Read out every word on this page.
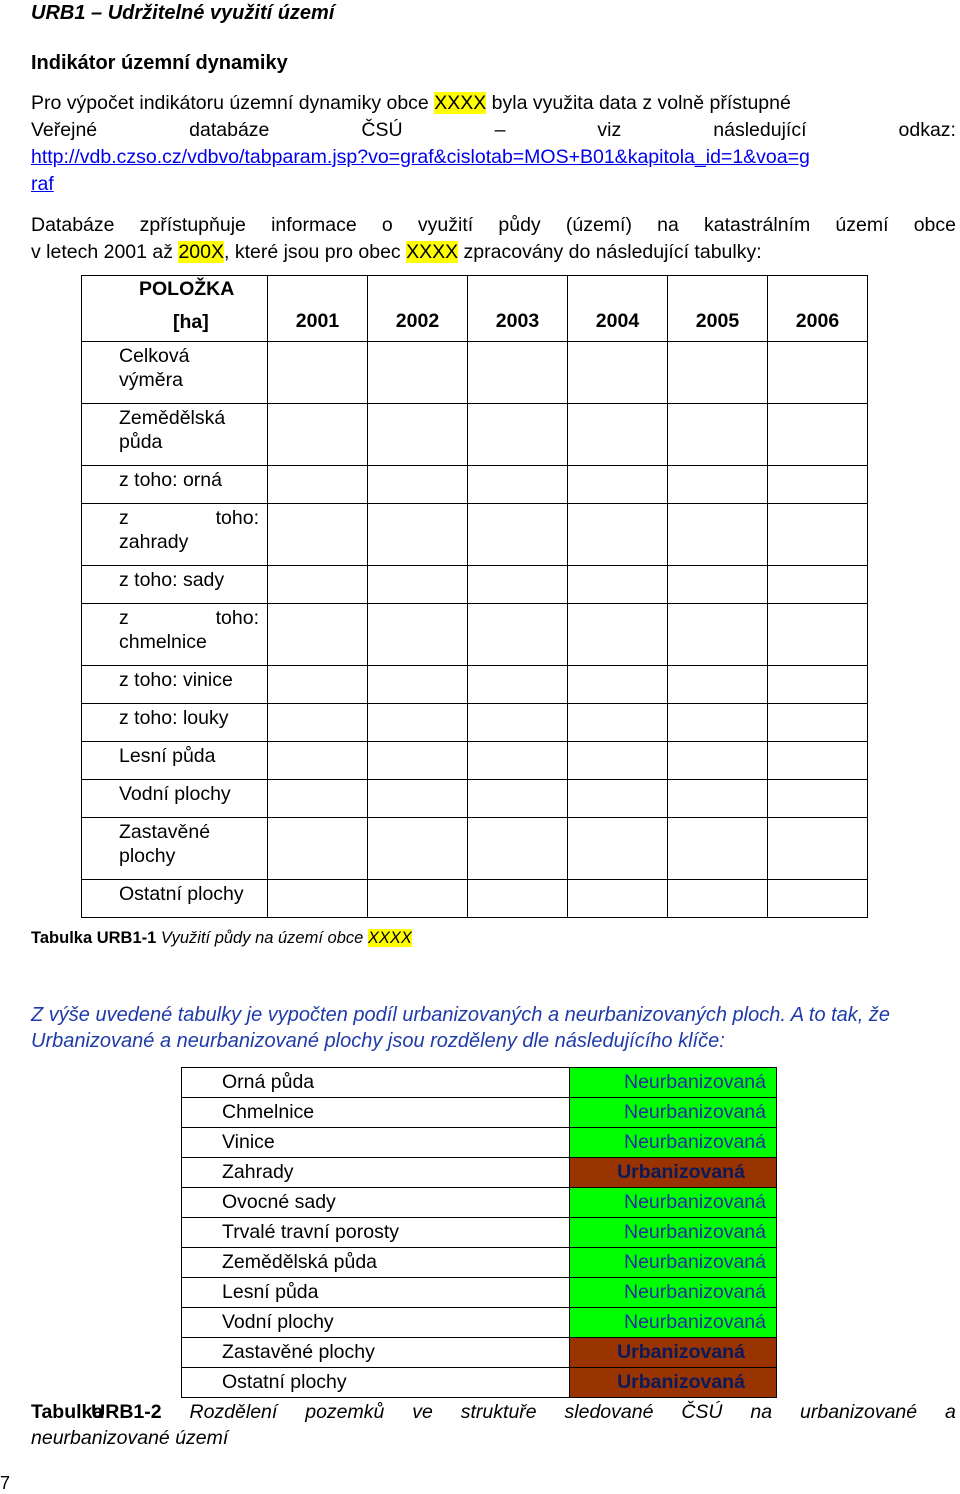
URB1 – Udržitelné využití území
Indikátor územní dynamiky
Pro výpočet indikátoru územní dynamiky obce XXXX byla využita data z volně přístupné
Veřejné	databáze	ČSÚ	–	viz	následující	odkaz:
http://vdb.czso.cz/vdbvo/tabparam.jsp?vo=graf&cislotab=MOS+B01&kapitola_id=1&voa=g
raf
Databáze zpřístupňuje informace o využití půdy (území) na katastrálním území obce
v letech 2001 až 200X, které jsou pro obec XXXX zpracovány do následující tabulky:
POLOŽKA
[ha]	2001	2002	2003	2004	2005	2006

Celková
výměra						

Zemědělská
půda						

z toho: orná						

z toho:
zahrady						

z toho: sady						

z toho:
chmelnice						

z toho: vinice						

z toho: louky						

Lesní půda						

Vodní plochy						

Zastavěné
plochy						

Ostatní plochy						

Tabulka URB1-1 Využití půdy na území obce XXXX
Z výše uvedené tabulky je vypočten podíl urbanizovaných a neurbanizovaných ploch. A to tak, že Urbanizované a neurbanizované plochy jsou rozděleny dle následujícího klíče:
Orná půda	Neurbanizovaná
Chmelnice	Neurbanizovaná
Vinice	Neurbanizovaná
Zahrady	Urbanizovaná
Ovocné sady	Neurbanizovaná
Trvalé travní porosty	Neurbanizovaná
Zemědělská půda	Neurbanizovaná
Lesní půda	Neurbanizovaná
Vodní plochy	Neurbanizovaná
Zastavěné plochy	Urbanizovaná
Ostatní plochy	Urbanizovaná
Tabulka
URB1-2 Rozdělení pozemků ve struktuře sledované ČSÚ na urbanizované a
neurbanizované území
7
